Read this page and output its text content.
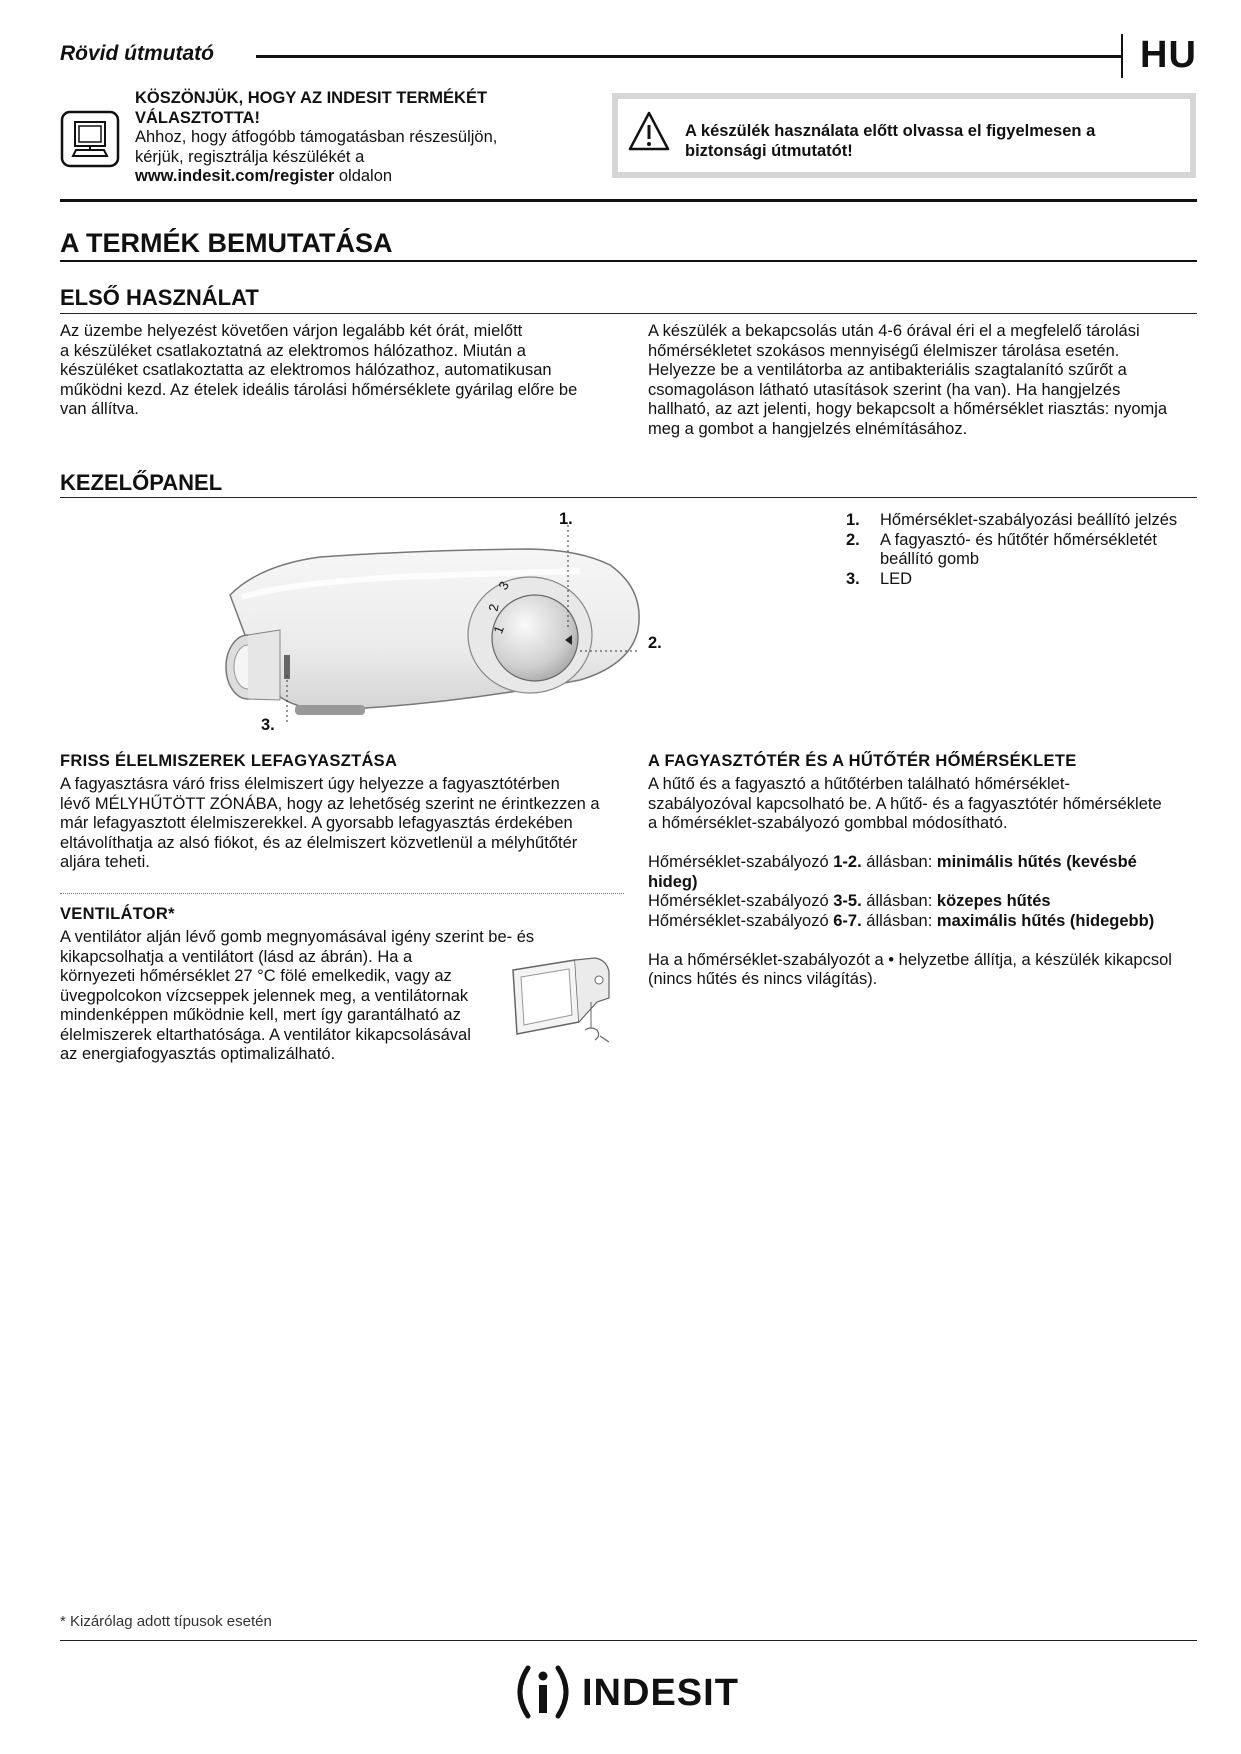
Rövid útmutató	HU
KÖSZÖNJÜK, HOGY AZ INDESIT TERMÉKÉT
VÁLASZTOTTA!
Ahhoz, hogy átfogóbb támogatásban részesüljön,
kérjük, regisztrálja készülékét a
www.indesit.com/register oldalon
A készülék használata előtt olvassa el figyelmesen a
biztonsági útmutatót!
A TERMÉK BEMUTATÁSA
ELSŐ HASZNÁLAT
Az üzembe helyezést követően várjon legalább két órát, mielőtt
a készüléket csatlakoztatná az elektromos hálózathoz. Miután a
készüléket csatlakoztatta az elektromos hálózathoz, automatikusan
működni kezd. Az ételek ideális tárolási hőmérséklete gyárilag előre be
van állítva.
A készülék a bekapcsolás után 4-6 órával éri el a megfelelő tárolási
hőmérsékletet szokásos mennyiségű élelmiszer tárolása esetén.
Helyezze be a ventilátorba az antibakteriális szagtalanító szűrőt a
csomagoláson látható utasítások szerint (ha van). Ha hangjelzés
hallható, az azt jelenti, hogy bekapcsolt a hőmérséklet riasztás: nyomja
meg a gombot a hangjelzés elnémításához.
KEZELŐPANEL
1
2
3
1.
2.
3.
1. Hőmérséklet-szabályozási beállító jelzés
2. A fagyasztó- és hűtőtér hőmérsékletét
beállító gomb
3. LED
FRISS ÉLELMISZEREK LEFAGYASZTÁSA
A fagyasztásra váró friss élelmiszert úgy helyezze a fagyasztótérben
lévő MÉLYHŰTÖTT ZÓNÁBA, hogy az lehetőség szerint ne érintkezzen a
már lefagyasztott élelmiszerekkel. A gyorsabb lefagyasztás érdekében
eltávolíthatja az alsó fiókot, és az élelmiszert közvetlenül a mélyhűtőtér
aljára teheti.
VENTILÁTOR*
A ventilátor alján lévő gomb megnyomásával igény szerint be- és
kikapcsolhatja a ventilátort (lásd az ábrán). Ha a
környezeti hőmérséklet 27 °C fölé emelkedik, vagy az
üvegpolcokon vízcseppek jelennek meg, a ventilátornak
mindenképpen működnie kell, mert így garantálható az
élelmiszerek eltarthatósága. A ventilátor kikapcsolásával
az energiafogyasztás optimalizálható.
A FAGYASZTÓTÉR ÉS A HŰTŐTÉR HŐMÉRSÉKLETE
A hűtő és a fagyasztó a hűtőtérben található hőmérséklet-
szabályozóval kapcsolható be. A hűtő- és a fagyasztótér hőmérséklete
a hőmérséklet-szabályozó gombbal módosítható.
Hőmérséklet-szabályozó 1-2. állásban: minimális hűtés (kevésbé
hideg)
Hőmérséklet-szabályozó 3-5. állásban: közepes hűtés
Hőmérséklet-szabályozó 6-7. állásban: maximális hűtés (hidegebb)
Ha a hőmérséklet-szabályozót a • helyzetbe állítja, a készülék kikapcsol
(nincs hűtés és nincs világítás).
* Kizárólag adott típusok esetén
INDESIT
